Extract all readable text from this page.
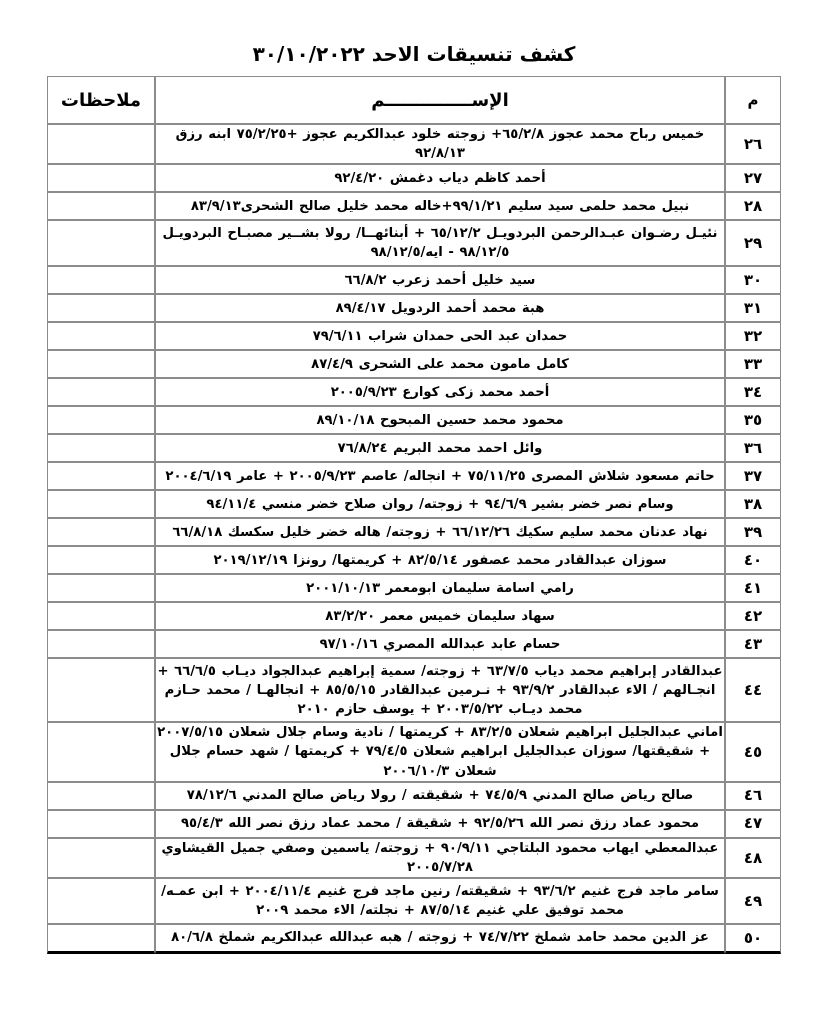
كشف تنسيقات الاحد ٣٠/١٠/٢٠٢٢
م	الإســــــــــــــم	ملاحظات
٢٦	خميس رباح محمد عجوز ٦٥/٢/٨+ زوجته خلود عبدالكريم عجوز +٧٥/٢/٢٥ ابنه رزق ٩٢/٨/١٣	
٢٧	أحمد كاظم دياب دغمش ٩٢/٤/٢٠	
٢٨	نبيل محمد حلمى سيد سليم ٩٩/١/٢١+خاله محمد خليل صالح الشحرى٨٣/٩/١٣	
٢٩	نئيـل رضـوان عبـدالرحمن البردويـل ٦٥/١٢/٢ + أبنائهــا/ رولا بشــير مصبـاح البردويـل ٩٨/١٢/٥ - ايه/٩٨/١٢/٥	
٣٠	سيد خليل أحمد زعرب ٦٦/٨/٢	
٣١	هبة محمد أحمد الردويل ٨٩/٤/١٧	
٣٢	حمدان عبد الحى حمدان شراب ٧٩/٦/١١	
٣٣	كامل مامون محمد على الشحرى ٨٧/٤/٩	
٣٤	أحمد محمد زكى كوارع ٢٠٠٥/٩/٢٣	
٣٥	محمود محمد حسين المبحوح ٨٩/١٠/١٨	
٣٦	وائل احمد محمد البريم ٧٦/٨/٢٤	
٣٧	حاتم مسعود شلاش المصرى ٧٥/١١/٢٥ + انجاله/ عاصم ٢٠٠٥/٩/٢٣ + عامر ٢٠٠٤/٦/١٩	
٣٨	وسام نصر خضر بشير ٩٤/٦/٩ + زوجته/ روان صلاح خضر منسي ٩٤/١١/٤	
٣٩	نهاد عدنان محمد سليم سكيك ٦٦/١٢/٢٦ + زوجته/ هاله خضر خليل سكسك ٦٦/٨/١٨	
٤٠	سوزان عبدالقادر محمد عصفور ٨٢/٥/١٤ + كريمتها/ رونزا ٢٠١٩/١٢/١٩	
٤١	رامي اسامة سليمان ابومعمر ٢٠٠١/١٠/١٣	
٤٢	سهاد سليمان خميس معمر ٨٣/٢/٢٠	
٤٣	حسام عابد عبدالله المصري ٩٧/١٠/١٦	
٤٤	عبدالقادر إبراهيم محمد دياب ٦٣/٧/٥ + زوجته/ سمية إبراهيم عبدالجواد ديـاب ٦٦/٦/٥ + انجـالهم / الاء عبدالقادر ٩٣/٩/٢ + نـرمين عبدالقادر ٨٥/٥/١٥ + انجالهـا / محمد حـازم محمد ديـاب ٢٠٠٣/٥/٢٢ + يوسف حازم ٢٠١٠	
٤٥	اماني عبدالجليل ابراهيم شعلان ٨٣/٢/٥ + كريمتها / نادية وسام جلال شعلان ٢٠٠٧/٥/١٥ + شقيقتها/ سوزان عبدالجليل ابراهيم شعلان ٧٩/٤/٥ + كريمتها / شهد حسام جلال شعلان ٢٠٠٦/١٠/٣	
٤٦	صالح رياض صالح المدني ٧٤/٥/٩ + شقيقته / رولا رياض صالح المدني ٧٨/١٢/٦	
٤٧	محمود عماد رزق نصر الله ٩٢/٥/٢٦ + شقيقة / محمد عماد رزق نصر الله ٩٥/٤/٣	
٤٨	عبدالمعطي ايهاب محمود البلتاجي ٩٠/٩/١١ + زوجته/ ياسمين وصفي جميل القيشاوي ٢٠٠٥/٧/٢٨	
٤٩	سامر ماجد فرج غنيم ٩٣/٦/٢ + شقيقته/ رنين ماجد فرج غنيم ٢٠٠٤/١١/٤ + ابن عمـه/ محمد توفيق علي غنيم ٨٧/٥/١٤ + نجلته/ الاء محمد ٢٠٠٩	
٥٠	عز الدين محمد حامد شملخ ٧٤/٧/٢٢ + زوجته / هبه عبدالله عبدالكريم شملخ ٨٠/٦/٨	
